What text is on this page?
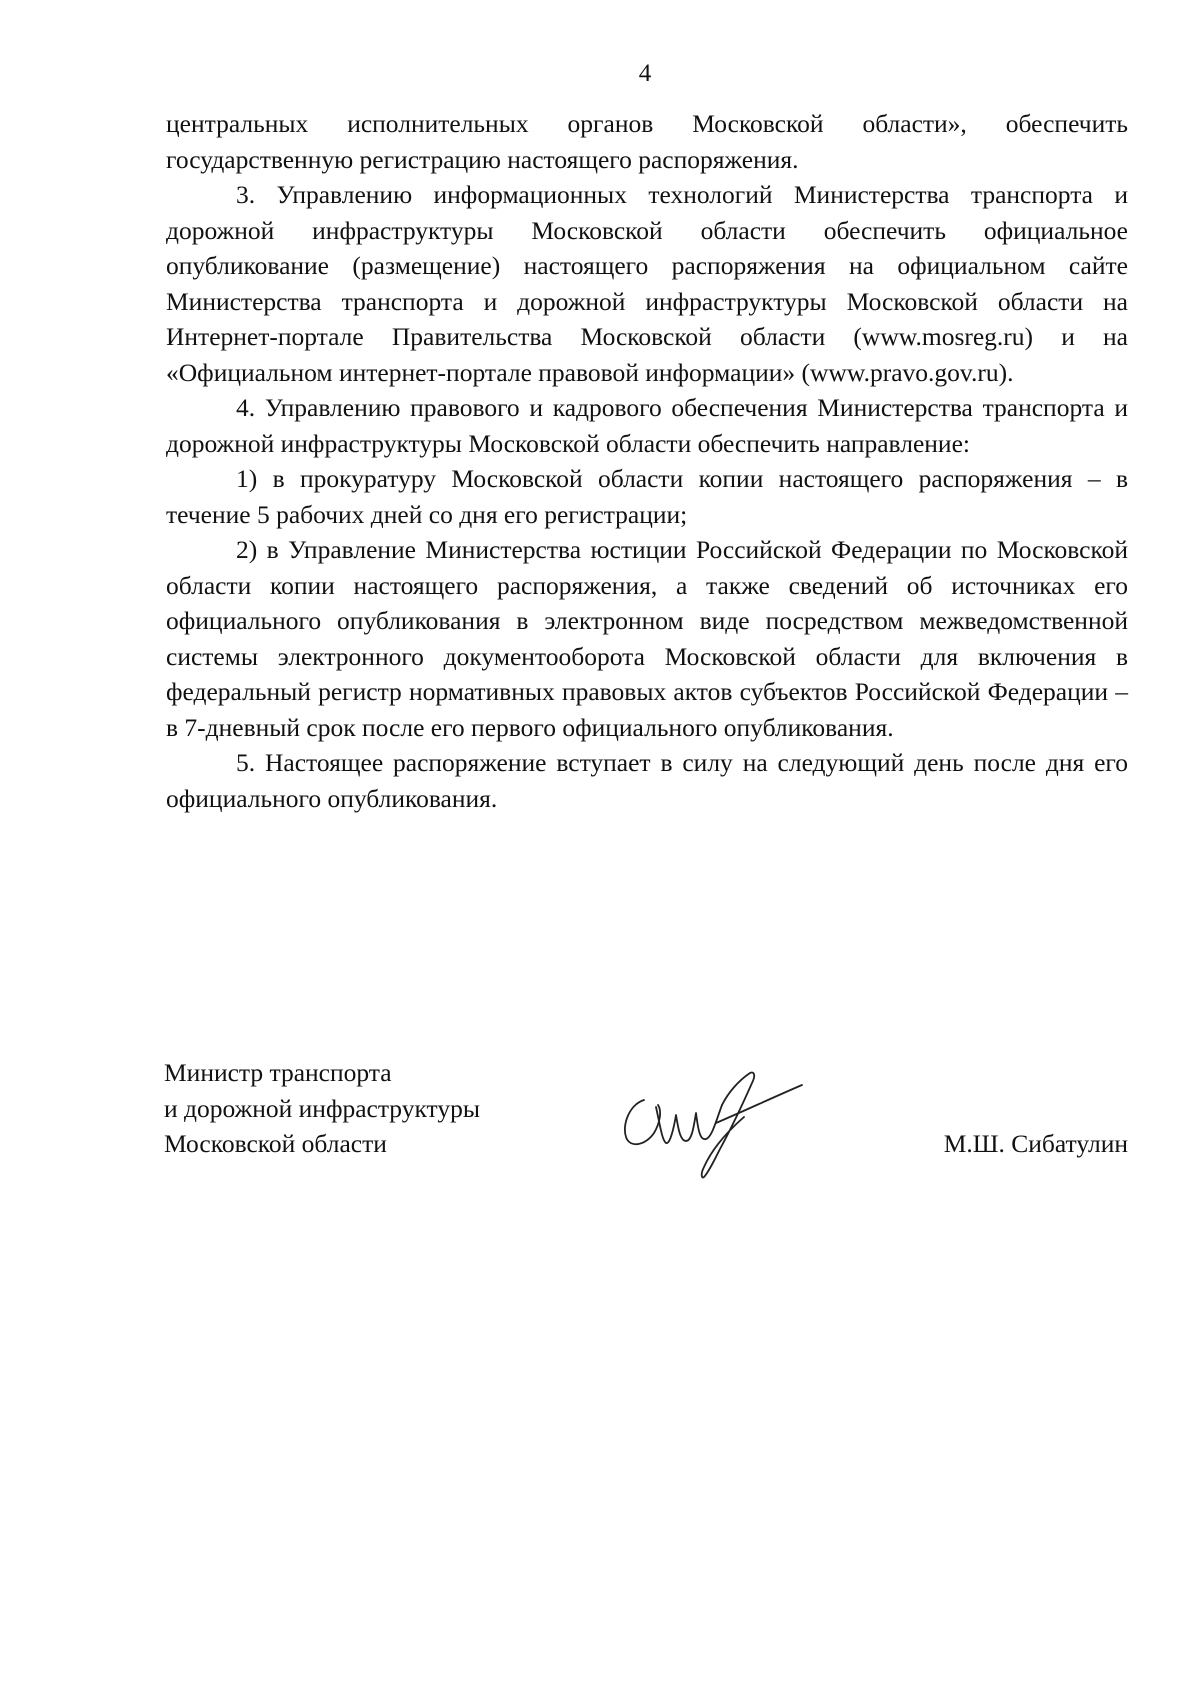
4

центральных исполнительных органов Московской области», обеспечить государственную регистрацию настоящего распоряжения.

3. Управлению информационных технологий Министерства транспорта и дорожной инфраструктуры Московской области обеспечить официальное опубликование (размещение) настоящего распоряжения на официальном сайте Министерства транспорта и дорожной инфраструктуры Московской области на Интернет-портале Правительства Московской области (www.mosreg.ru) и на «Официальном интернет-портале правовой информации» (www.pravo.gov.ru).

4. Управлению правового и кадрового обеспечения Министерства транспорта и дорожной инфраструктуры Московской области обеспечить направление:

1) в прокуратуру Московской области копии настоящего распоряжения – в течение 5 рабочих дней со дня его регистрации;

2) в Управление Министерства юстиции Российской Федерации по Московской области копии настоящего распоряжения, а также сведений об источниках его официального опубликования в электронном виде посредством межведомственной системы электронного документооборота Московской области для включения в федеральный регистр нормативных правовых актов субъектов Российской Федерации – в 7-дневный срок после его первого официального опубликования.

5. Настоящее распоряжение вступает в силу на следующий день после дня его официального опубликования.

Министр транспорта
и дорожной инфраструктуры
Московской области	М.Ш. Сибатулин
